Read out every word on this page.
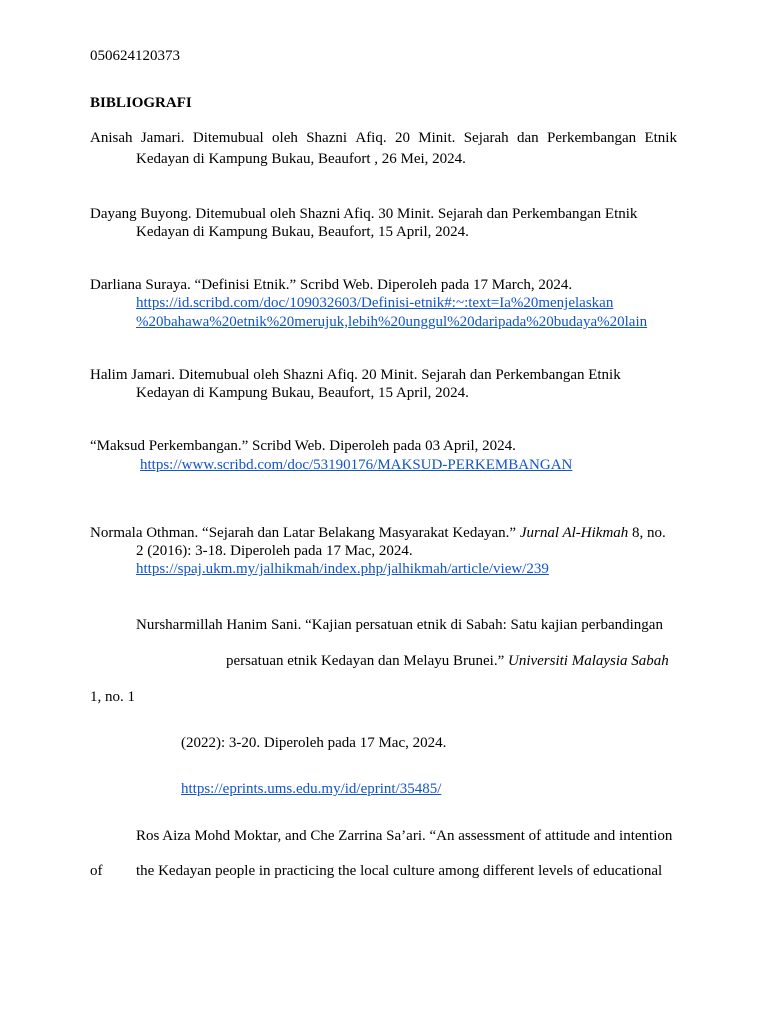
050624120373
BIBLIOGRAFI
Anisah Jamari. Ditemubual oleh Shazni Afiq. 20 Minit. Sejarah dan Perkembangan Etnik
Kedayan di Kampung Bukau, Beaufort , 26 Mei, 2024.
Dayang Buyong. Ditemubual oleh Shazni Afiq. 30 Minit. Sejarah dan Perkembangan Etnik
Kedayan di Kampung Bukau, Beaufort, 15 April, 2024.
Darliana Suraya. “Definisi Etnik.” Scribd Web. Diperoleh pada 17 March, 2024.
https://id.scribd.com/doc/109032603/Definisi-etnik#:~:text=Ia%20menjelaskan
%20bahawa%20etnik%20merujuk,lebih%20unggul%20daripada%20budaya%20lain
Halim Jamari. Ditemubual oleh Shazni Afiq. 20 Minit. Sejarah dan Perkembangan Etnik
Kedayan di Kampung Bukau, Beaufort, 15 April, 2024.
“Maksud Perkembangan.” Scribd Web. Diperoleh pada 03 April, 2024.
https://www.scribd.com/doc/53190176/MAKSUD-PERKEMBANGAN
Normala Othman. “Sejarah dan Latar Belakang Masyarakat Kedayan.” Jurnal Al-Hikmah 8, no.
2 (2016): 3-18. Diperoleh pada 17 Mac, 2024.
https://spaj.ukm.my/jalhikmah/index.php/jalhikmah/article/view/239
Nursharmillah Hanim Sani. “Kajian persatuan etnik di Sabah: Satu kajian perbandingan
persatuan etnik Kedayan dan Melayu Brunei.” Universiti Malaysia Sabah
1, no. 1
(2022): 3-20. Diperoleh pada 17 Mac, 2024.
https://eprints.ums.edu.my/id/eprint/35485/
Ros Aiza Mohd Moktar, and Che Zarrina Sa’ari. “An assessment of attitude and intention
of the Kedayan people in practicing the local culture among different levels of educational
